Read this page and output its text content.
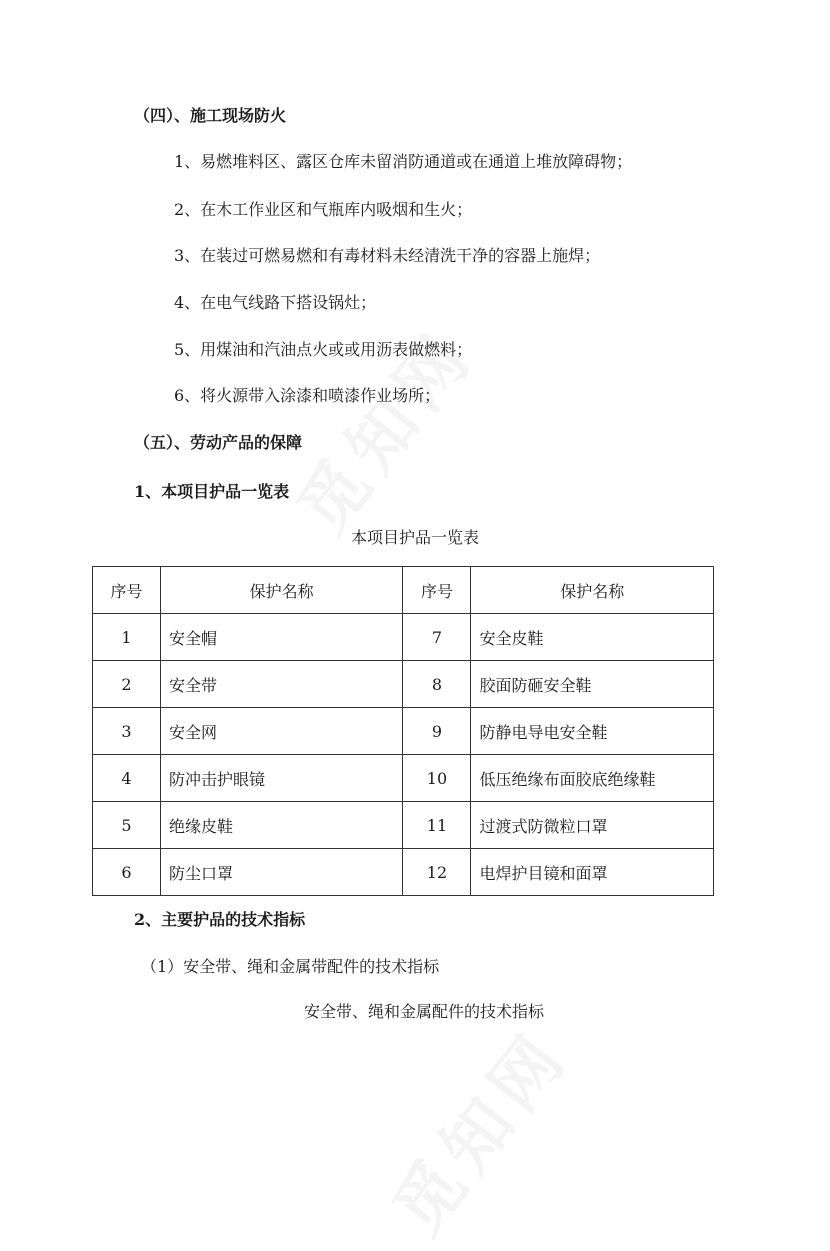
（四）、施工现场防火
1、易燃堆料区、露区仓库未留消防通道或在通道上堆放障碍物；
2、在木工作业区和气瓶库内吸烟和生火；
3、在装过可燃易燃和有毒材料未经清洗干净的容器上施焊；
4、在电气线路下搭设锅灶；
5、用煤油和汽油点火或或用沥表做燃料；
6、将火源带入涂漆和喷漆作业场所；
（五）、劳动产品的保障
1、本项目护品一览表
本项目护品一览表
序号	保护名称	序号	保护名称
1	安全帽	7	安全皮鞋
2	安全带	8	胶面防砸安全鞋
3	安全网	9	防静电导电安全鞋
4	防冲击护眼镜	10	低压绝缘布面胶底绝缘鞋
5	绝缘皮鞋	11	过渡式防微粒口罩
6	防尘口罩	12	电焊护目镜和面罩
2、主要护品的技术指标
（1）安全带、绳和金属带配件的技术指标
安全带、绳和金属配件的技术指标
